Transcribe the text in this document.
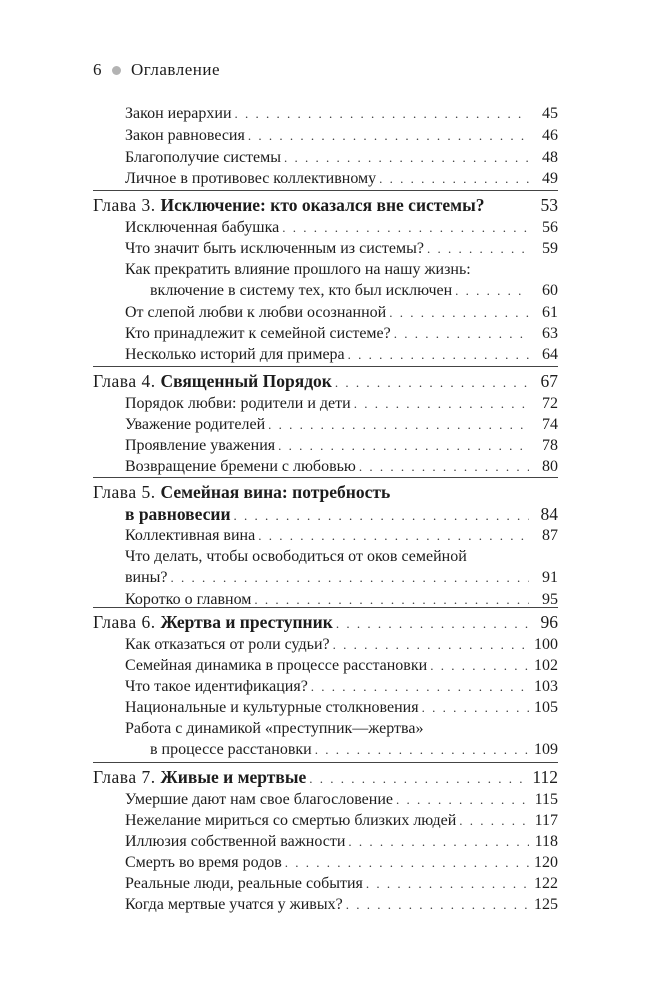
6 Оглавление
Закон иерархии . . .	45
Закон равновесия . . .	46
Благополучие системы . . .	48
Личное в противовес коллективному . . .	49
Глава 3. Исключение: кто оказался вне системы?	53
Исключенная бабушка . . .	56
Что значит быть исключенным из системы? . . .	59
Как прекратить влияние прошлого на нашу жизнь:
включение в систему тех, кто был исключен . . .	60
От слепой любви к любви осознанной . . .	61
Кто принадлежит к семейной системе? . . .	63
Несколько историй для примера . . .	64
Глава 4. Священный Порядок . . .	67
Порядок любви: родители и дети . . .	72
Уважение родителей . . .	74
Проявление уважения . . .	78
Возвращение бремени с любовью . . .	80
Глава 5. Семейная вина: потребность
в равновесии . . .	84
Коллективная вина . . .	87
Что делать, чтобы освободиться от оков семейной
вины? . . .	91
Коротко о главном . . .	95
Глава 6. Жертва и преступник . . .	96
Как отказаться от роли судьи? . . .	100
Семейная динамика в процессе расстановки . . .	102
Что такое идентификация? . . .	103
Национальные и культурные столкновения . . .	105
Работа с динамикой «преступник—жертва»
в процессе расстановки . . .	109
Глава 7. Живые и мертвые . . .	112
Умершие дают нам свое благословение . . .	115
Нежелание мириться со смертью близких людей . . .	117
Иллюзия собственной важности . . .	118
Смерть во время родов . . .	120
Реальные люди, реальные события . . .	122
Когда мертвые учатся у живых? . . .	125
